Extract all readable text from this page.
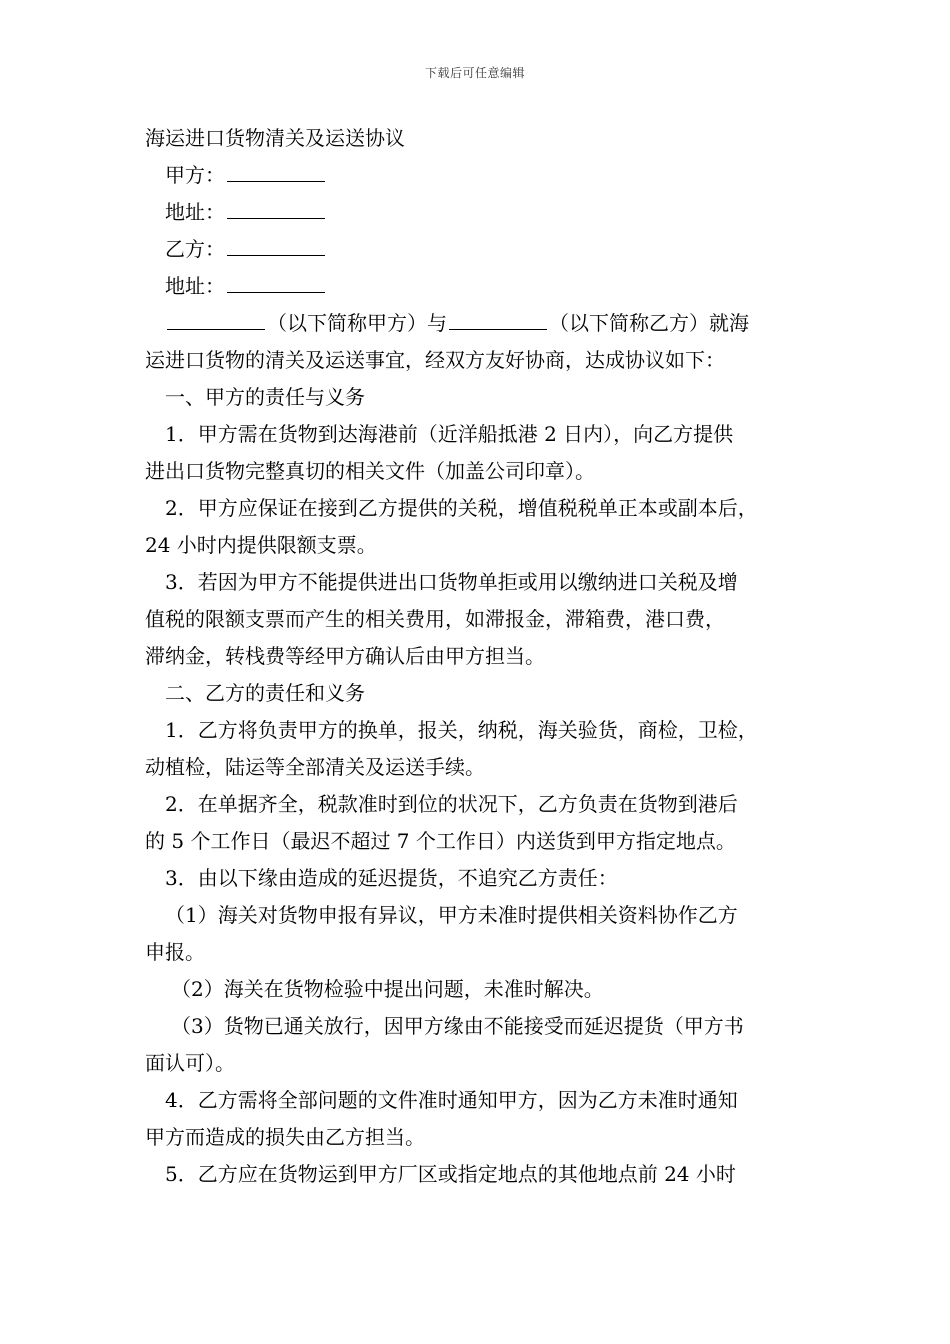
下载后可任意编辑
海运进口货物清关及运送协议
甲方：
地址：
乙方：
地址：
（以下简称甲方）与	（以下简称乙方）就海
运进口货物的清关及运送事宜，经双方友好协商，达成协议如下：
一、甲方的责任与义务
1．甲方需在货物到达海港前（近洋船抵港 2 日内），向乙方提供
进出口货物完整真切的相关文件（加盖公司印章）。
2．甲方应保证在接到乙方提供的关税，增值税税单正本或副本后，
24 小时内提供限额支票。
3．若因为甲方不能提供进出口货物单拒或用以缴纳进口关税及增
值税的限额支票而产生的相关费用，如滞报金，滞箱费，港口费，
滞纳金，转栈费等经甲方确认后由甲方担当。
二、乙方的责任和义务
1．乙方将负责甲方的换单，报关，纳税，海关验货，商检，卫检，
动植检，陆运等全部清关及运送手续。
2．在单据齐全，税款准时到位的状况下，乙方负责在货物到港后
的 5 个工作日（最迟不超过 7 个工作日）内送货到甲方指定地点。
3．由以下缘由造成的延迟提货，不追究乙方责任：
（1）海关对货物申报有异议，甲方未准时提供相关资料协作乙方
申报。
（2）海关在货物检验中提出问题，未准时解决。
（3）货物已通关放行，因甲方缘由不能接受而延迟提货（甲方书
面认可）。
4．乙方需将全部问题的文件准时通知甲方，因为乙方未准时通知
甲方而造成的损失由乙方担当。
5．乙方应在货物运到甲方厂区或指定地点的其他地点前 24 小时
